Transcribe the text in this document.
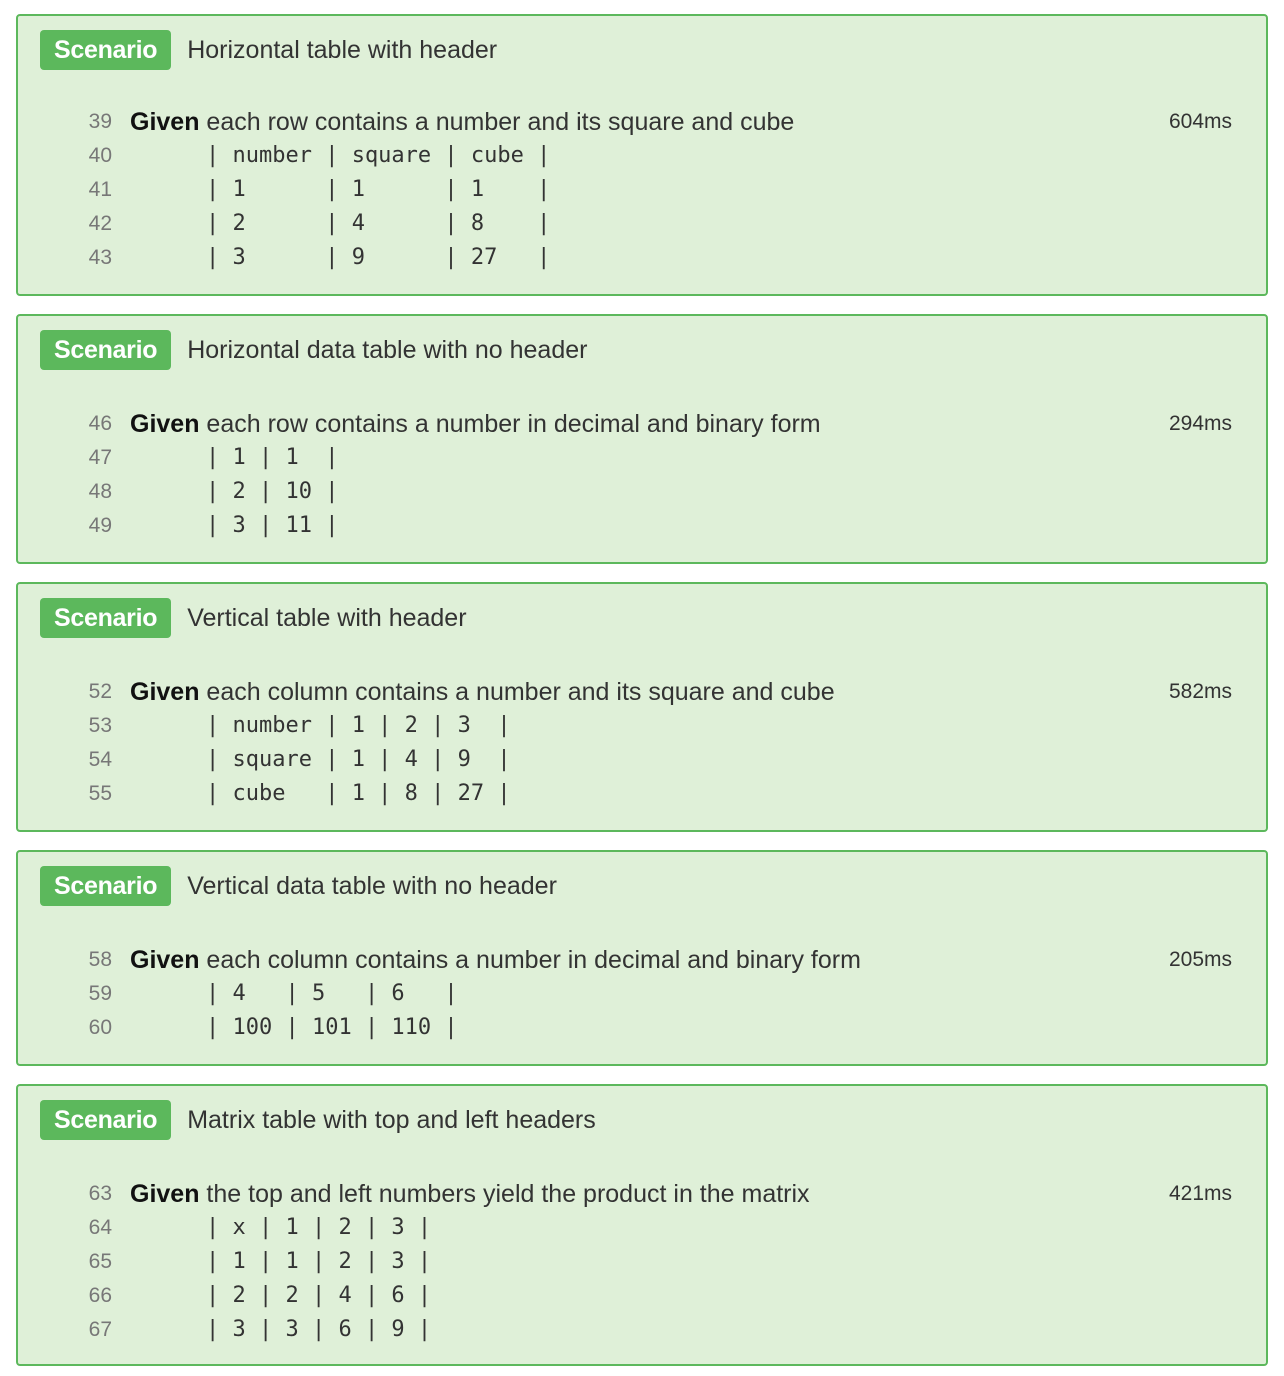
Scenario	Horizontal table with header
39 Given each row contains a number and its square and cube	604ms
40	| number | square | cube |
41	| 1      | 1      | 1    |
42	| 2      | 4      | 8    |
43	| 3      | 9      | 27   |
Scenario	Horizontal data table with no header
46 Given each row contains a number in decimal and binary form	294ms
47	| 1 | 1  |
48	| 2 | 10 |
49	| 3 | 11 |
Scenario	Vertical table with header
52 Given each column contains a number and its square and cube	582ms
53	| number | 1 | 2 | 3  |
54	| square | 1 | 4 | 9  |
55	| cube   | 1 | 8 | 27 |
Scenario	Vertical data table with no header
58 Given each column contains a number in decimal and binary form	205ms
59	| 4   | 5   | 6   |
60	| 100 | 101 | 110 |
Scenario	Matrix table with top and left headers
63 Given the top and left numbers yield the product in the matrix	421ms
64	| x | 1 | 2 | 3 |
65	| 1 | 1 | 2 | 3 |
66	| 2 | 2 | 4 | 6 |
67	| 3 | 3 | 6 | 9 |
